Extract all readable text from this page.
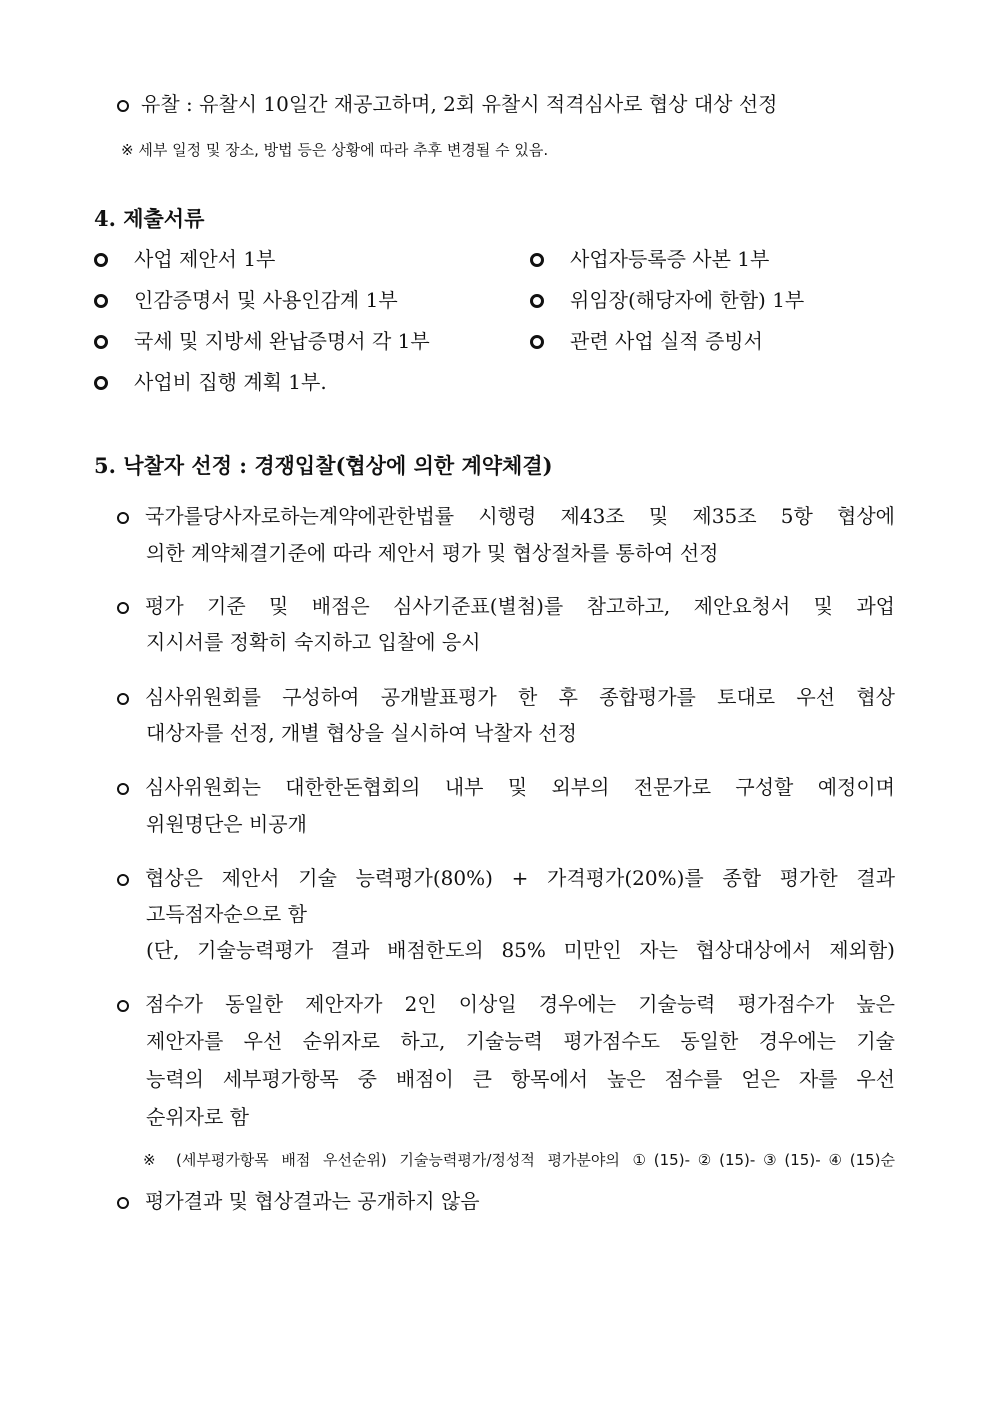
유찰 : 유찰시 10일간 재공고하며, 2회 유찰시 적격심사로 협상 대상 선정
※ 세부 일정 및 장소, 방법 등은 상황에 따라 추후 변경될 수 있음.
4. 제출서류
사업 제안서 1부	사업자등록증 사본 1부
인감증명서 및 사용인감계 1부	위임장(해당자에 한함) 1부
국세 및 지방세 완납증명서 각 1부	관련 사업 실적 증빙서
사업비 집행 계획 1부.
5. 낙찰자 선정 : 경쟁입찰(협상에 의한 계약체결)
국가를당사자로하는계약에관한법률 시행령 제43조 및 제35조 5항 협상에
의한 계약체결기준에 따라 제안서 평가 및 협상절차를 통하여 선정
평가 기준 및 배점은 심사기준표(별첨)를 참고하고, 제안요청서 및 과업
지시서를 정확히 숙지하고 입찰에 응시
심사위원회를 구성하여 공개발표평가 한 후 종합평가를 토대로 우선 협상
대상자를 선정, 개별 협상을 실시하여 낙찰자 선정
심사위원회는 대한한돈협회의 내부 및 외부의 전문가로 구성할 예정이며
위원명단은 비공개
협상은 제안서 기술 능력평가(80%) + 가격평가(20%)를 종합 평가한 결과
고득점자순으로 함
(단, 기술능력평가 결과 배점한도의 85% 미만인 자는 협상대상에서 제외함)
점수가 동일한 제안자가 2인 이상일 경우에는 기술능력 평가점수가 높은
제안자를 우선 순위자로 하고, 기술능력 평가점수도 동일한 경우에는 기술
능력의 세부평가항목 중 배점이 큰 항목에서 높은 점수를 얻은 자를 우선
순위자로 함
※ (세부평가항목 배점 우선순위) 기술능력평가/정성적 평가분야의 ①(15)-②(15)-③(15)-④(15)순
평가결과 및 협상결과는 공개하지 않음
